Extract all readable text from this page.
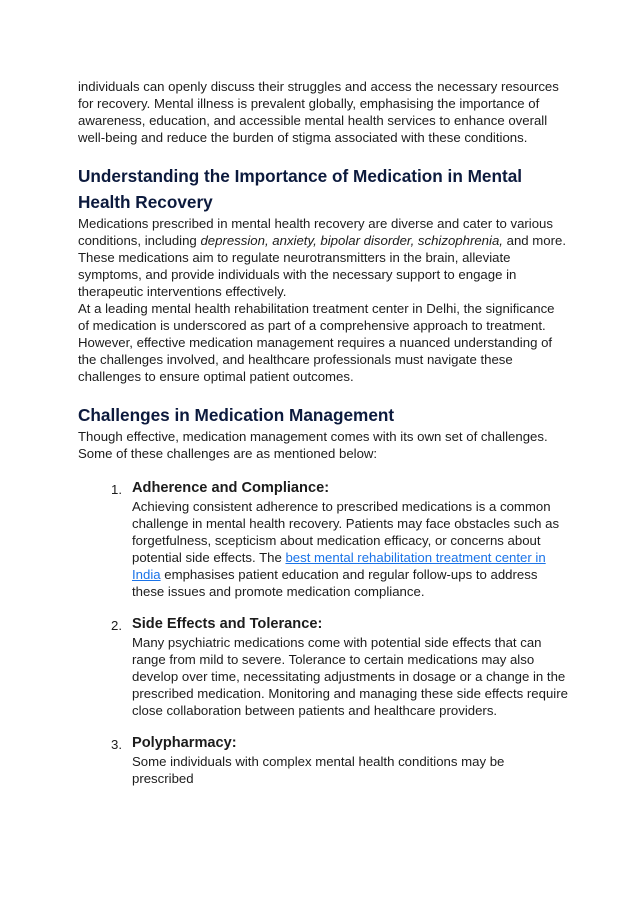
individuals can openly discuss their struggles and access the necessary resources for recovery. Mental illness is prevalent globally, emphasising the importance of awareness, education, and accessible mental health services to enhance overall well-being and reduce the burden of stigma associated with these conditions.

Understanding the Importance of Medication in Mental Health Recovery

Medications prescribed in mental health recovery are diverse and cater to various conditions, including depression, anxiety, bipolar disorder, schizophrenia, and more. These medications aim to regulate neurotransmitters in the brain, alleviate symptoms, and provide individuals with the necessary support to engage in therapeutic interventions effectively.

At a leading mental health rehabilitation treatment center in Delhi, the significance of medication is underscored as part of a comprehensive approach to treatment. However, effective medication management requires a nuanced understanding of the challenges involved, and healthcare professionals must navigate these challenges to ensure optimal patient outcomes.

Challenges in Medication Management

Though effective, medication management comes with its own set of challenges. Some of these challenges are as mentioned below:

1. Adherence and Compliance:
Achieving consistent adherence to prescribed medications is a common challenge in mental health recovery. Patients may face obstacles such as forgetfulness, scepticism about medication efficacy, or concerns about potential side effects. The best mental rehabilitation treatment center in India emphasises patient education and regular follow-ups to address these issues and promote medication compliance.
2. Side Effects and Tolerance:
Many psychiatric medications come with potential side effects that can range from mild to severe. Tolerance to certain medications may also develop over time, necessitating adjustments in dosage or a change in the prescribed medication. Monitoring and managing these side effects require close collaboration between patients and healthcare providers.
3. Polypharmacy:
Some individuals with complex mental health conditions may be prescribed
